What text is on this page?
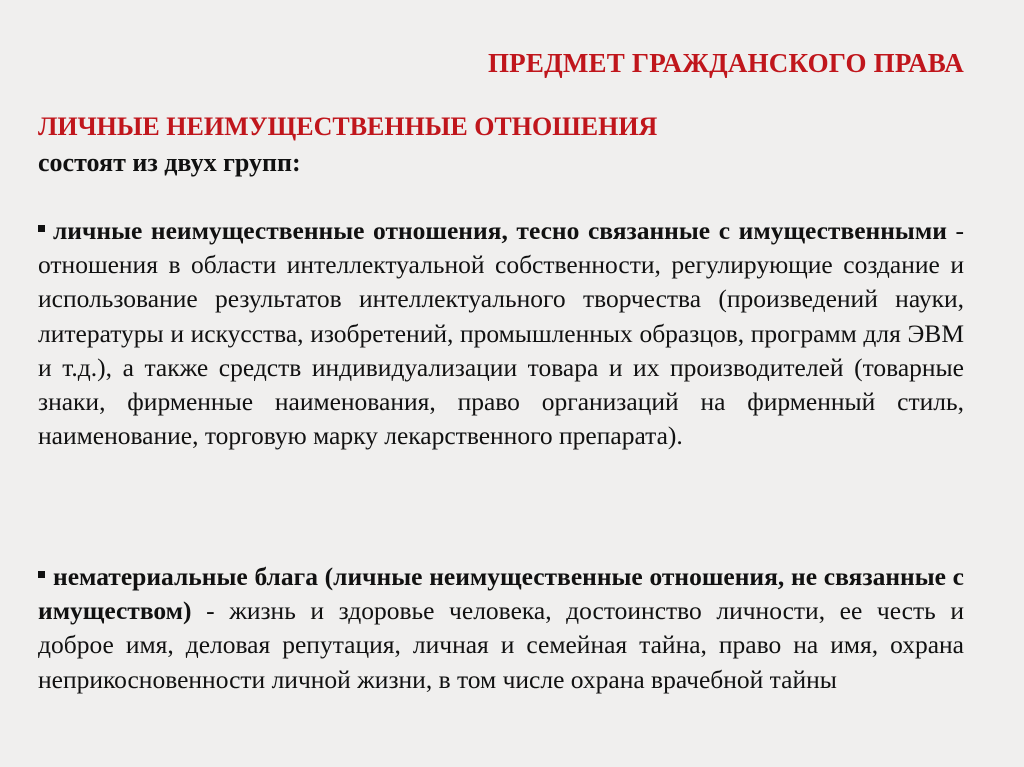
ПРЕДМЕТ ГРАЖДАНСКОГО ПРАВА
ЛИЧНЫЕ НЕИМУЩЕСТВЕННЫЕ ОТНОШЕНИЯ
состоят из двух групп:
личные неимущественные отношения, тесно связанные с имущественными - отношения в области интеллектуальной собственности, регулирующие создание и использование результатов интеллектуального творчества (произведений науки, литературы и искусства, изобретений, промышленных образцов, программ для ЭВМ и т.д.), а также средств индивидуализации товара и их производителей (товарные знаки, фирменные наименования, право организаций на фирменный стиль, наименование, торговую марку лекарственного препарата).
нематериальные блага (личные неимущественные отношения, не связанные с имуществом) - жизнь и здоровье человека, достоинство личности, ее честь и доброе имя, деловая репутация, личная и семейная тайна, право на имя, охрана неприкосновенности личной жизни, в том числе охрана врачебной тайны
